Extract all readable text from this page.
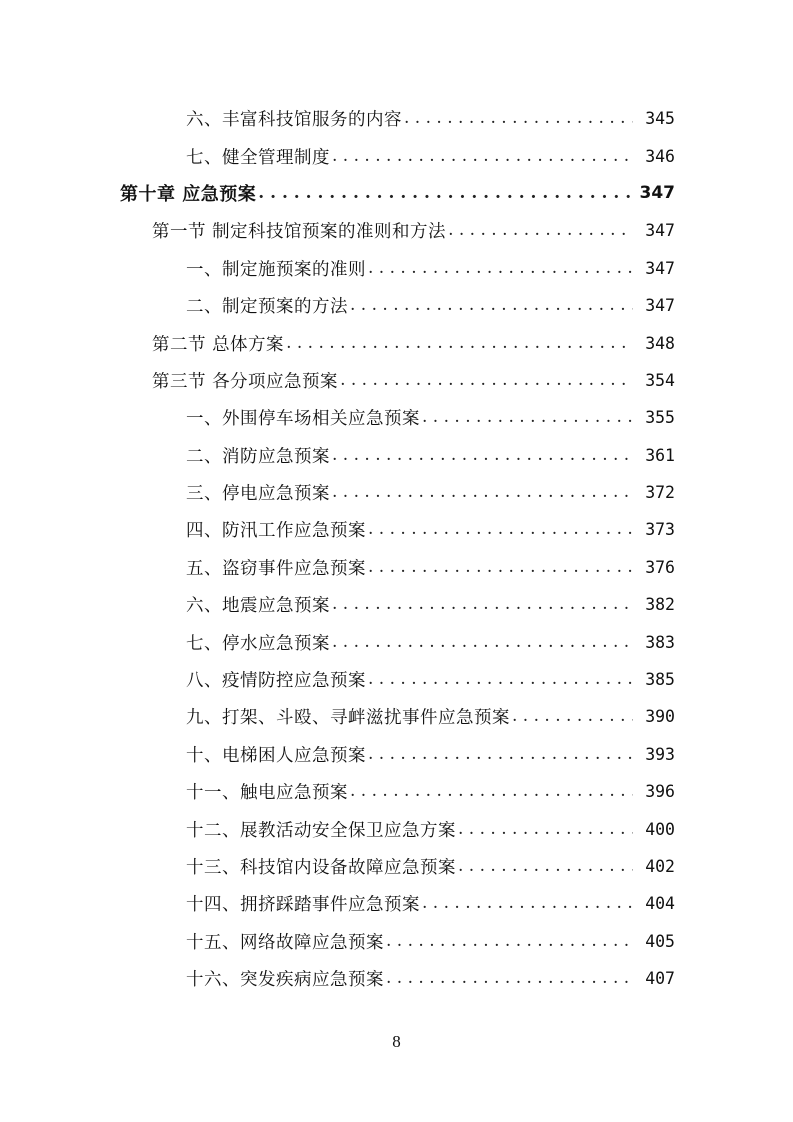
六、丰富科技馆服务的内容 . . .	345
七、健全管理制度 . . .	346
第十章 应急预案 . . .	347
第一节 制定科技馆预案的准则和方法 . . .	347
一、制定施预案的准则 . . .	347
二、制定预案的方法 . . .	347
第二节 总体方案 . . .	348
第三节 各分项应急预案 . . .	354
一、外围停车场相关应急预案 . . .	355
二、消防应急预案 . . .	361
三、停电应急预案 . . .	372
四、防汛工作应急预案 . . .	373
五、盗窃事件应急预案 . . .	376
六、地震应急预案 . . .	382
七、停水应急预案 . . .	383
八、疫情防控应急预案 . . .	385
九、打架、斗殴、寻衅滋扰事件应急预案 . . .	390
十、电梯困人应急预案 . . .	393
十一、触电应急预案 . . .	396
十二、展教活动安全保卫应急方案 . . .	400
十三、科技馆内设备故障应急预案 . . .	402
十四、拥挤踩踏事件应急预案 . . .	404
十五、网络故障应急预案 . . .	405
十六、突发疾病应急预案 . . .	407
8
